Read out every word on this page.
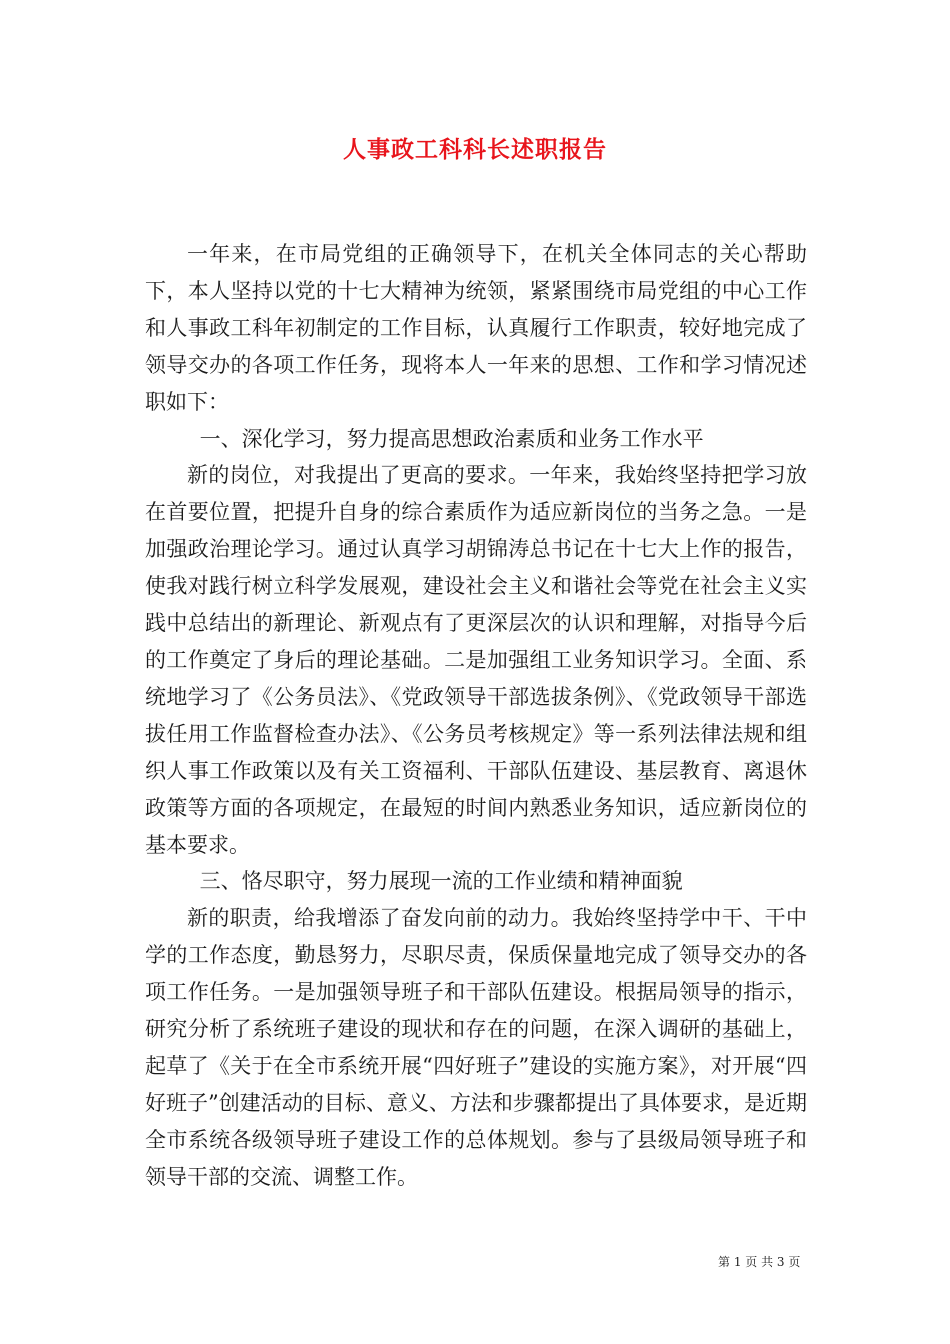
人事政工科科长述职报告

一年来，在市局党组的正确领导下，在机关全体同志的关心帮助下，本人坚持以党的十七大精神为统领，紧紧围绕市局党组的中心工作和人事政工科年初制定的工作目标，认真履行工作职责，较好地完成了领导交办的各项工作任务，现将本人一年来的思想、工作和学习情况述职如下：

一、深化学习，努力提高思想政治素质和业务工作水平

新的岗位，对我提出了更高的要求。一年来，我始终坚持把学习放在首要位置，把提升自身的综合素质作为适应新岗位的当务之急。一是加强政治理论学习。通过认真学习胡锦涛总书记在十七大上作的报告，使我对践行树立科学发展观，建设社会主义和谐社会等党在社会主义实践中总结出的新理论、新观点有了更深层次的认识和理解，对指导今后的工作奠定了身后的理论基础。二是加强组工业务知识学习。全面、系统地学习了《公务员法》、《党政领导干部选拔条例》、《党政领导干部选拔任用工作监督检查办法》、《公务员考核规定》等一系列法律法规和组织人事工作政策以及有关工资福利、干部队伍建设、基层教育、离退休政策等方面的各项规定，在最短的时间内熟悉业务知识，适应新岗位的基本要求。

三、恪尽职守，努力展现一流的工作业绩和精神面貌

新的职责，给我增添了奋发向前的动力。我始终坚持学中干、干中学的工作态度，勤恳努力，尽职尽责，保质保量地完成了领导交办的各项工作任务。一是加强领导班子和干部队伍建设。根据局领导的指示，研究分析了系统班子建设的现状和存在的问题，在深入调研的基础上，起草了《关于在全市系统开展“四好班子”建设的实施方案》，对开展“四好班子”创建活动的目标、意义、方法和步骤都提出了具体要求，是近期全市系统各级领导班子建设工作的总体规划。参与了县级局领导班子和领导干部的交流、调整工作。

第 1 页 共 3 页
